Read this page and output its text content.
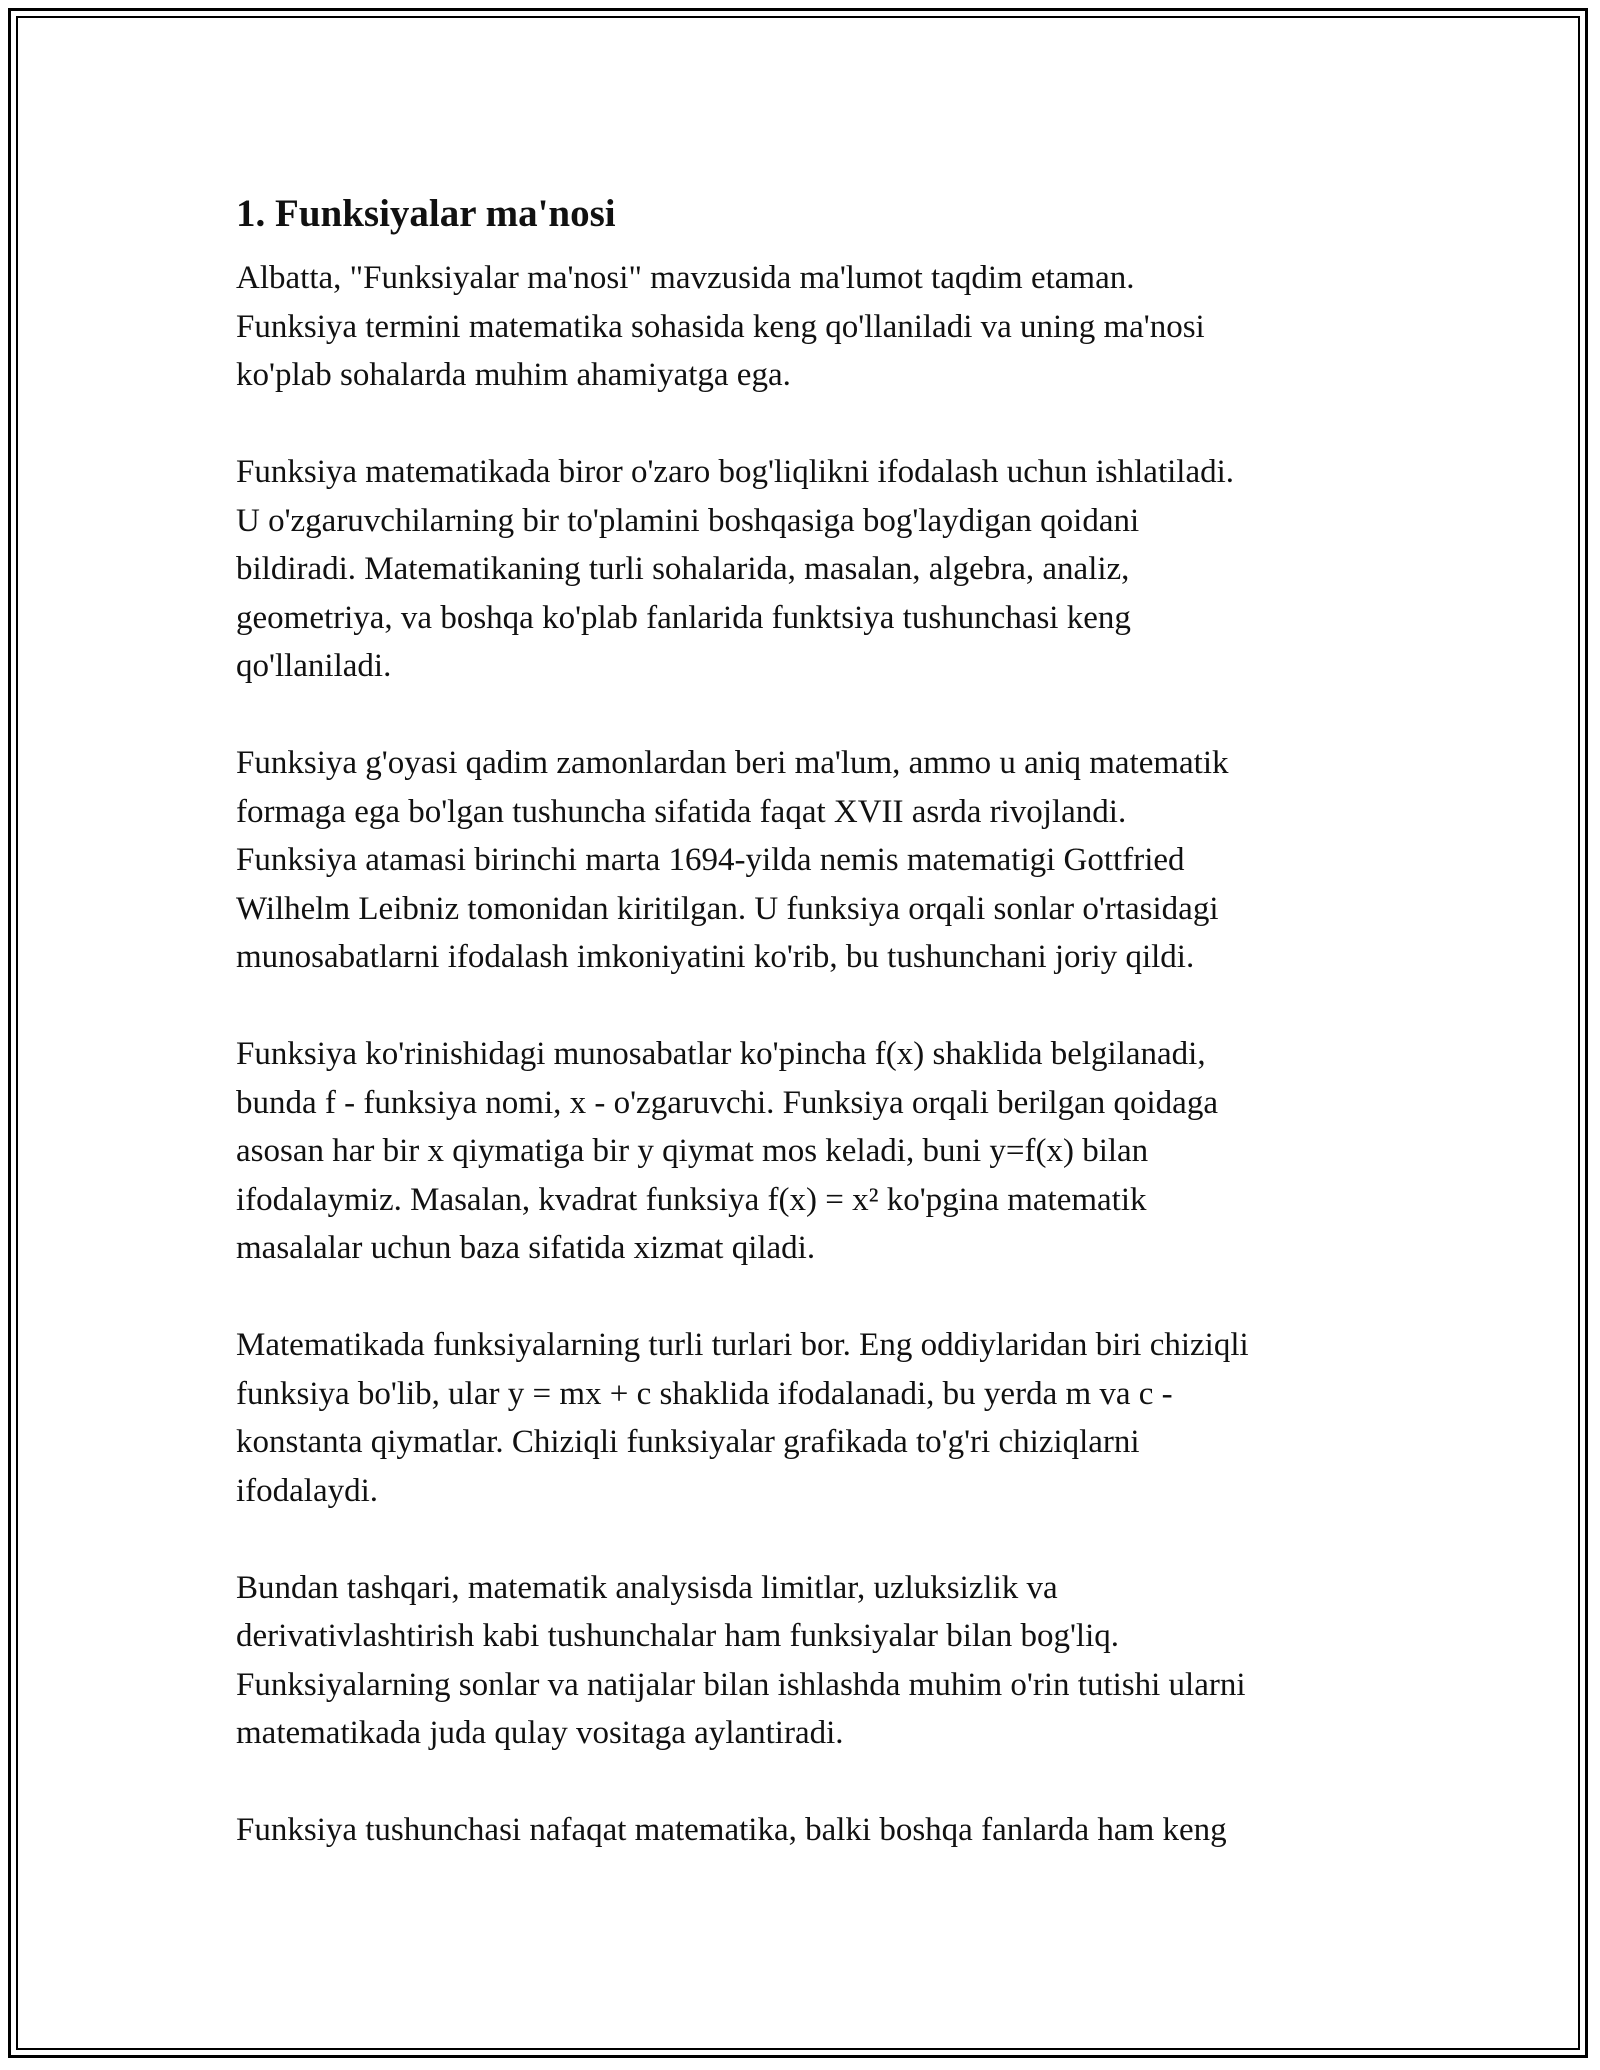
1. Funksiyalar ma'nosi

Albatta, "Funksiyalar ma'nosi" mavzusida ma'lumot taqdim etaman.
Funksiya termini matematika sohasida keng qo'llaniladi va uning ma'nosi
ko'plab sohalarda muhim ahamiyatga ega.

Funksiya matematikada biror o'zaro bog'liqlikni ifodalash uchun ishlatiladi.
U o'zgaruvchilarning bir to'plamini boshqasiga bog'laydigan qoidani
bildiradi. Matematikaning turli sohalarida, masalan, algebra, analiz,
geometriya, va boshqa ko'plab fanlarida funktsiya tushunchasi keng
qo'llaniladi.

Funksiya g'oyasi qadim zamonlardan beri ma'lum, ammo u aniq matematik
formaga ega bo'lgan tushuncha sifatida faqat XVII asrda rivojlandi.
Funksiya atamasi birinchi marta 1694-yilda nemis matematigi Gottfried
Wilhelm Leibniz tomonidan kiritilgan. U funksiya orqali sonlar o'rtasidagi
munosabatlarni ifodalash imkoniyatini ko'rib, bu tushunchani joriy qildi.

Funksiya ko'rinishidagi munosabatlar ko'pincha f(x) shaklida belgilanadi,
bunda f - funksiya nomi, x - o'zgaruvchi. Funksiya orqali berilgan qoidaga
asosan har bir x qiymatiga bir y qiymat mos keladi, buni y=f(x) bilan
ifodalaymiz. Masalan, kvadrat funksiya f(x) = x² ko'pgina matematik
masalalar uchun baza sifatida xizmat qiladi.

Matematikada funksiyalarning turli turlari bor. Eng oddiylaridan biri chiziqli
funksiya bo'lib, ular y = mx + c shaklida ifodalanadi, bu yerda m va c -
konstanta qiymatlar. Chiziqli funksiyalar grafikada to'g'ri chiziqlarni
ifodalaydi.

Bundan tashqari, matematik analysisda limitlar, uzluksizlik va
derivativlashtirish kabi tushunchalar ham funksiyalar bilan bog'liq.
Funksiyalarning sonlar va natijalar bilan ishlashda muhim o'rin tutishi ularni
matematikada juda qulay vositaga aylantiradi.

Funksiya tushunchasi nafaqat matematika, balki boshqa fanlarda ham keng
